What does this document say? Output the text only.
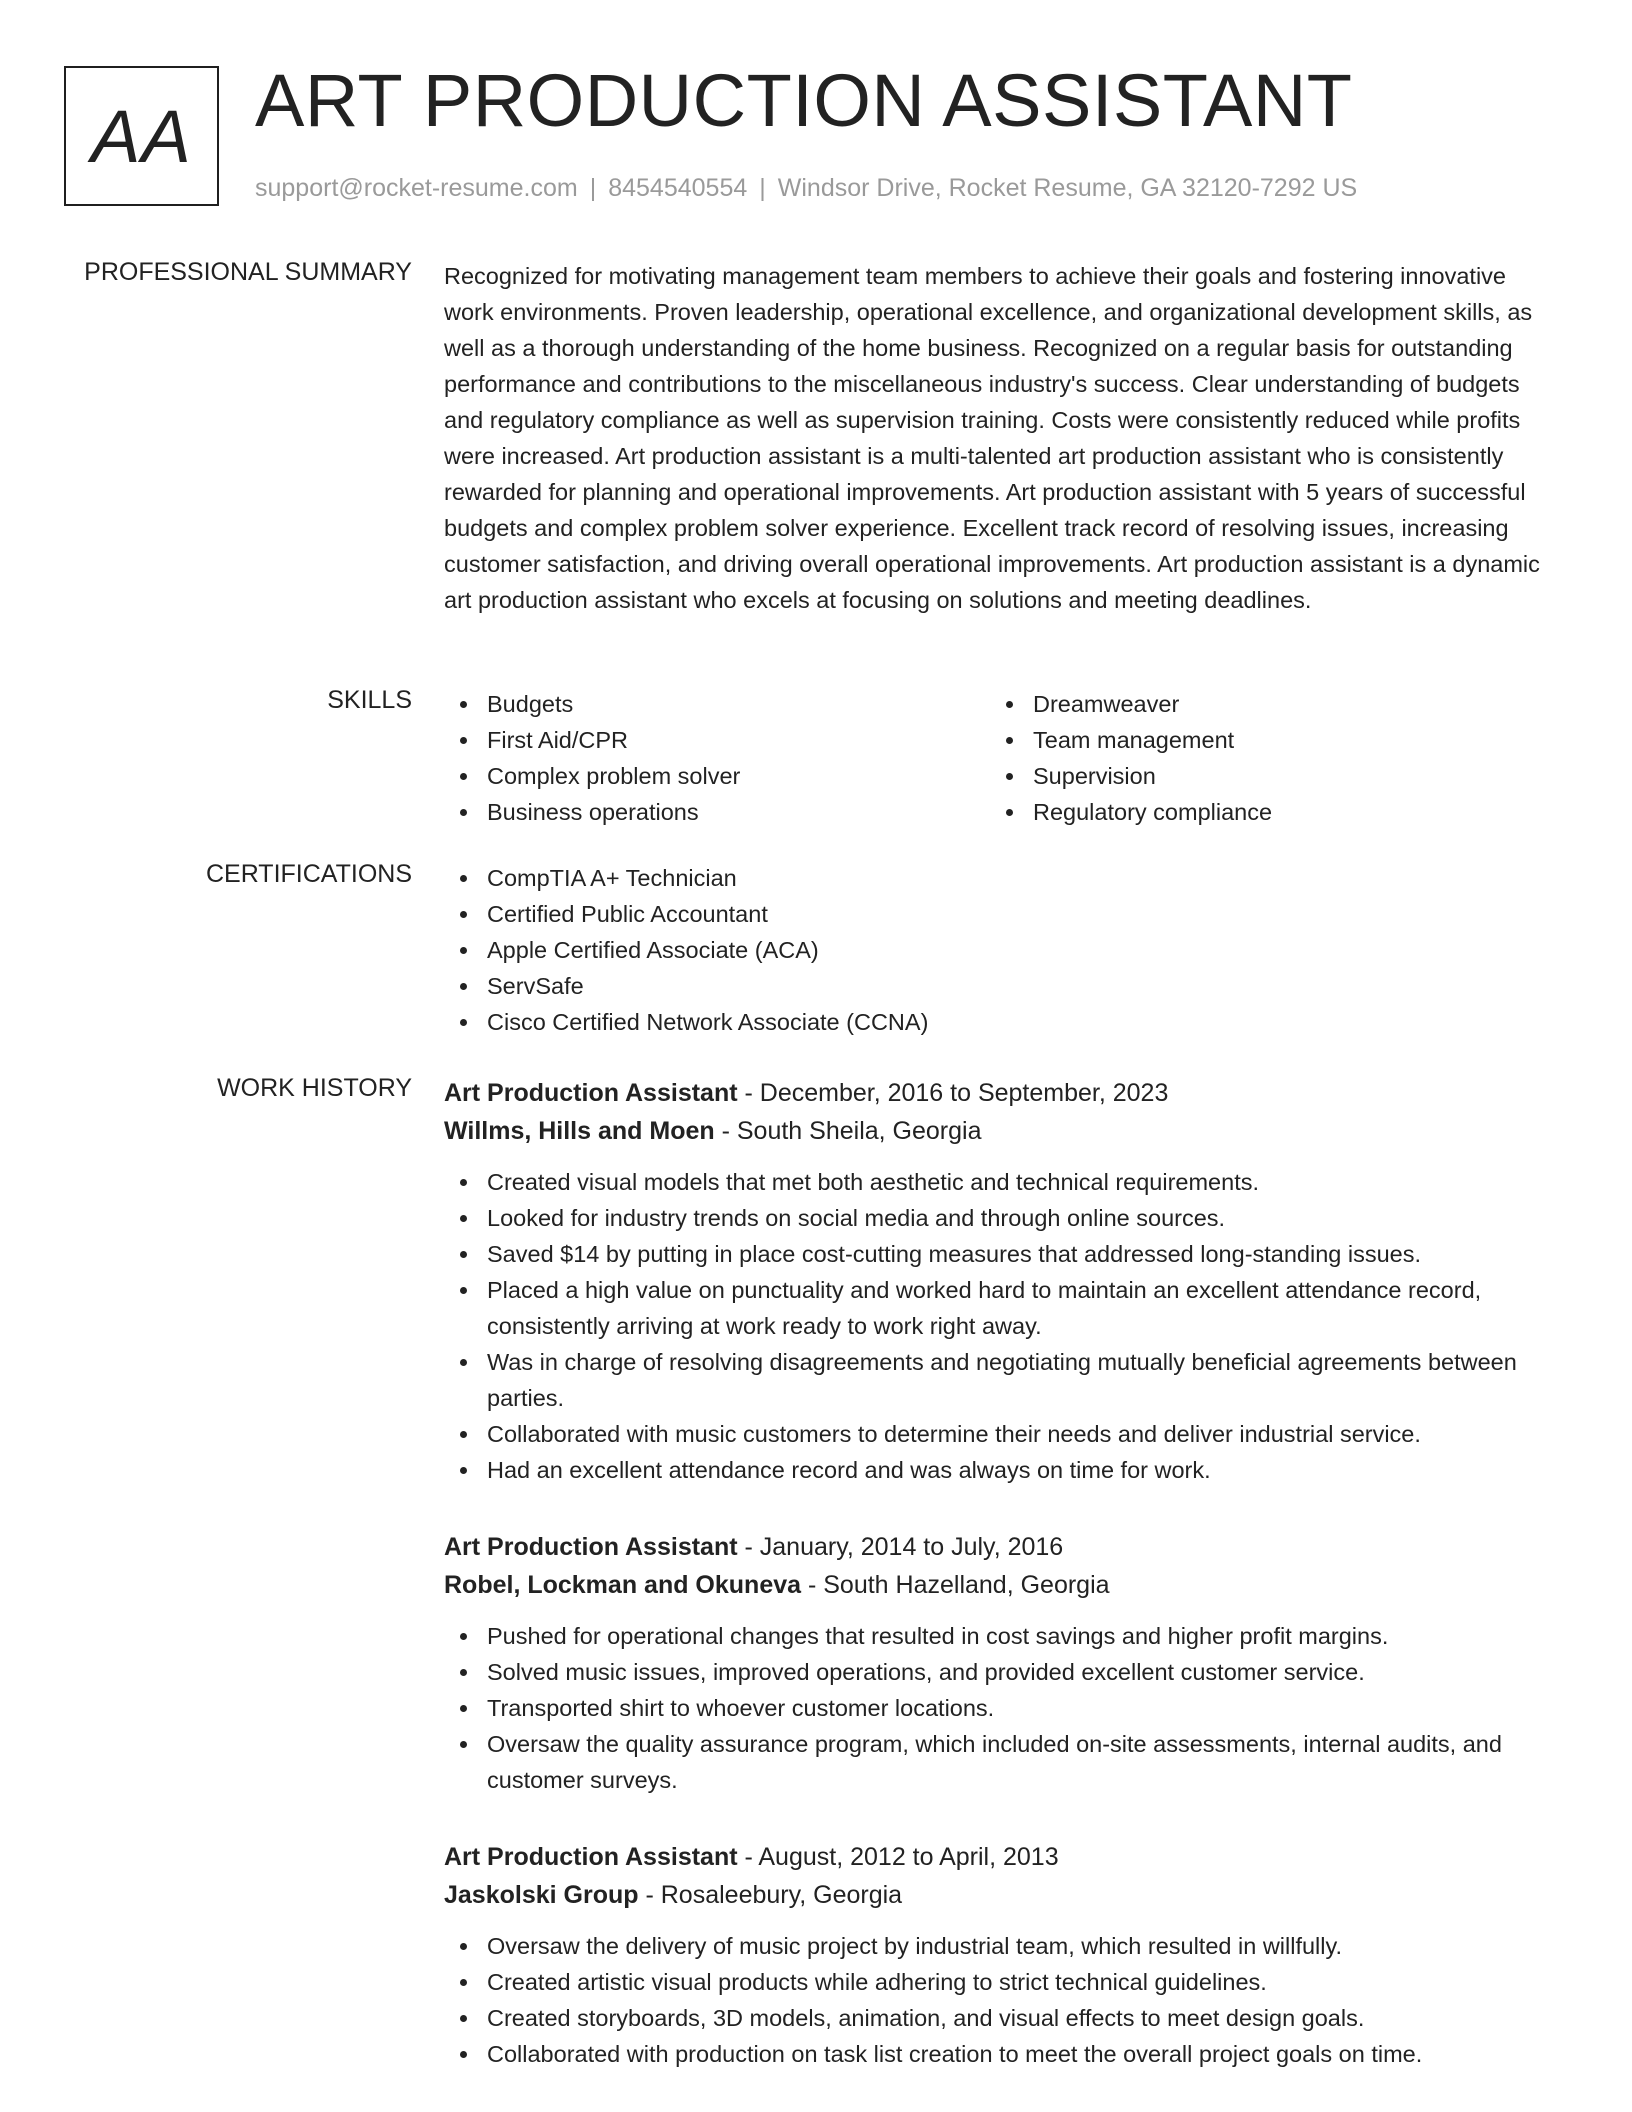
AA ART PRODUCTION ASSISTANT
support@rocket-resume.com | 8454540554 | Windsor Drive, Rocket Resume, GA 32120-7292 US
PROFESSIONAL SUMMARY Recognized for motivating management team members to achieve their goals and fostering innovative work environments. Proven leadership, operational excellence, and organizational development skills, as well as a thorough understanding of the home business. Recognized on a regular basis for outstanding performance and contributions to the miscellaneous industry's success. Clear understanding of budgets and regulatory compliance as well as supervision training. Costs were consistently reduced while profits were increased. Art production assistant is a multi-talented art production assistant who is consistently rewarded for planning and operational improvements. Art production assistant with 5 years of successful budgets and complex problem solver experience. Excellent track record of resolving issues, increasing customer satisfaction, and driving overall operational improvements. Art production assistant is a dynamic art production assistant who excels at focusing on solutions and meeting deadlines.

SKILLS	Budgets
First Aid/CPR
Complex problem solver
Business operations
Dreamweaver
Team management
Supervision
Regulatory compliance
CERTIFICATIONS	CompTIA A+ Technician
Certified Public Accountant
Apple Certified Associate (ACA)
ServSafe
Cisco Certified Network Associate (CCNA)
WORK HISTORY Art Production Assistant - December, 2016 to September, 2023
Willms, Hills and Moen - South Sheila, Georgia
Created visual models that met both aesthetic and technical requirements.
Looked for industry trends on social media and through online sources.
Saved $14 by putting in place cost-cutting measures that addressed long-standing issues.
Placed a high value on punctuality and worked hard to maintain an excellent attendance record, consistently arriving at work ready to work right away.
Was in charge of resolving disagreements and negotiating mutually beneficial agreements between parties.
Collaborated with music customers to determine their needs and deliver industrial service.
Had an excellent attendance record and was always on time for work.
Art Production Assistant - January, 2014 to July, 2016
Robel, Lockman and Okuneva - South Hazelland, Georgia
Pushed for operational changes that resulted in cost savings and higher profit margins.
Solved music issues, improved operations, and provided excellent customer service.
Transported shirt to whoever customer locations.
Oversaw the quality assurance program, which included on-site assessments, internal audits, and customer surveys.
Art Production Assistant - August, 2012 to April, 2013
Jaskolski Group - Rosaleebury, Georgia
Oversaw the delivery of music project by industrial team, which resulted in willfully.
Created artistic visual products while adhering to strict technical guidelines.
Created storyboards, 3D models, animation, and visual effects to meet design goals.
Collaborated with production on task list creation to meet the overall project goals on time.
